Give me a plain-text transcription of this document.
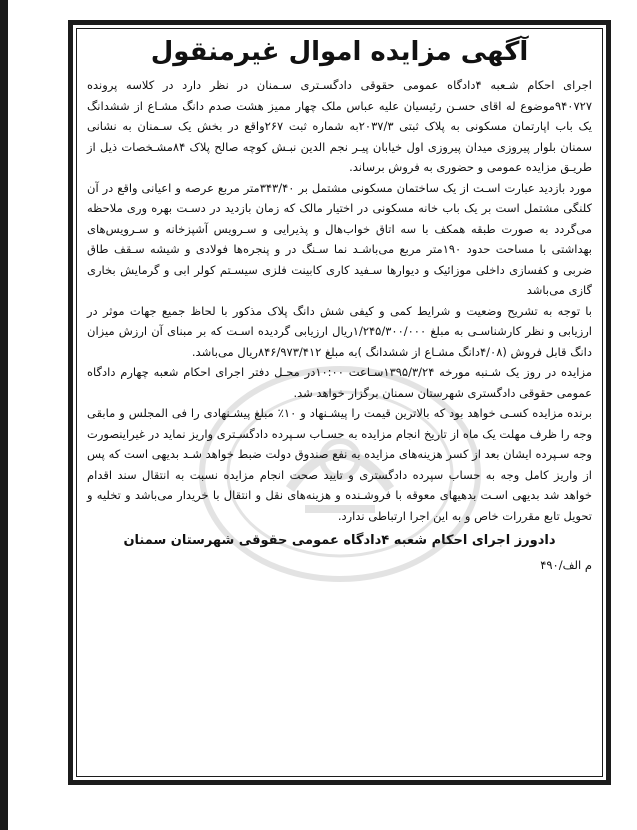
آگهی مزایده اموال غیرمنقول

اجرای احکام شـعبه ۴دادگاه عمومی حقوقی دادگسـتری سـمنان در نظر دارد در کلاسه پرونده ۹۴۰۷۲۷موضوع له اقای حسـن رئیسیان علیه عباس ملک چهار ممیز هشت صدم دانگ مشـاع از ششدانگ یک باب اپارتمان مسکونی به پلاک ثبتی ۲۰۳۷/۳به شماره ثبت ۲۶۷واقع در بخش یک سـمنان به نشانی سمنان بلوار پیروزی میدان پیروزی اول خیابان پیـر نجم الدین نبـش کوچه صالح پلاک ۸۴مشـخصات ذیل از طریـق مزایده عمومی و حضوری به فروش برساند.

مورد بازدید عبارت اسـت از یک ساختمان مسکونی مشتمل بر ۳۴۳/۴۰متر مربع عرصه و اعیانی واقع در آن کلنگی مشتمل است بر یک باب خانه مسکونی در اختیار مالک که زمان بازدید در دسـت بهره وری ملاحظه می‌گردد به صورت طبقه همکف با سه اتاق خواب‌هال و پذیرایی و سـرویس آشپزخانه و سـرویس‌های بهداشتی با مساحت حدود ۱۹۰متر مربع می‌باشـد نما سـنگ در و پنجره‌ها فولادی و شیشه سـقف طاق ضربی و کفسازی داخلی موزائیک و دیوارها سـفید کاری کابینت فلزی سیسـتم کولر ابی و گرمایش بخاری گازی می‌باشد

با توجه به تشریح وضعیت و شرایط کمی و کیفی شش دانگ پلاک مذکور با لحاظ جمیع جهات موثر در ارزیابی و نظر کارشناسـی به مبلغ ۱/۲۴۵/۳۰۰/۰۰۰ریال ارزیابی گردیده اسـت که بر مبنای آن ارزش میزان دانگ قابل فروش (۴/۰۸دانگ مشـاع از ششدانگ )به مبلغ ۸۴۶/۹۷۳/۴۱۲ریال می‌باشد.

مزایده در روز یک شـنبه مورخه ۱۳۹۵/۳/۲۴سـاعت ۱۰:۰۰در محـل دفتر اجرای احکام شعبه چهارم دادگاه عمومی حقوقی دادگستری شهرستان سمنان برگزار خواهد شد.

برنده مزایده کسـی خواهد بود که بالاترین قیمت را پیشـنهاد و ۱۰٪ مبلغ پیشـنهادی را فی المجلس و مابقی وجه را ظرف مهلت یک ماه از تاریخ انجام مزایده به حسـاب سـپرده دادگسـتری واریز نماید در غیراینصورت وجه سـپرده ایشان بعد از کسر هزینه‌های مزایده به نفع صندوق دولت ضبط خواهد شـد بدیهی است که پس از واریز کامل وجه به حساب سپرده دادگستری و تایید صحت انجام مزایده نسبت به انتقال سند اقدام خواهد شد بدیهی اسـت بدهیهای معوقه با فروشـنده و هزینه‌های نقل و انتقال با خریدار می‌باشد و تخلیه و تحویل تابع مقررات خاص و به این اجرا ارتباطی ندارد.

دادورز اجرای احکام شعبه ۴دادگاه عمومی حقوقی شهرستان سمنان
م الف/۴۹۰
